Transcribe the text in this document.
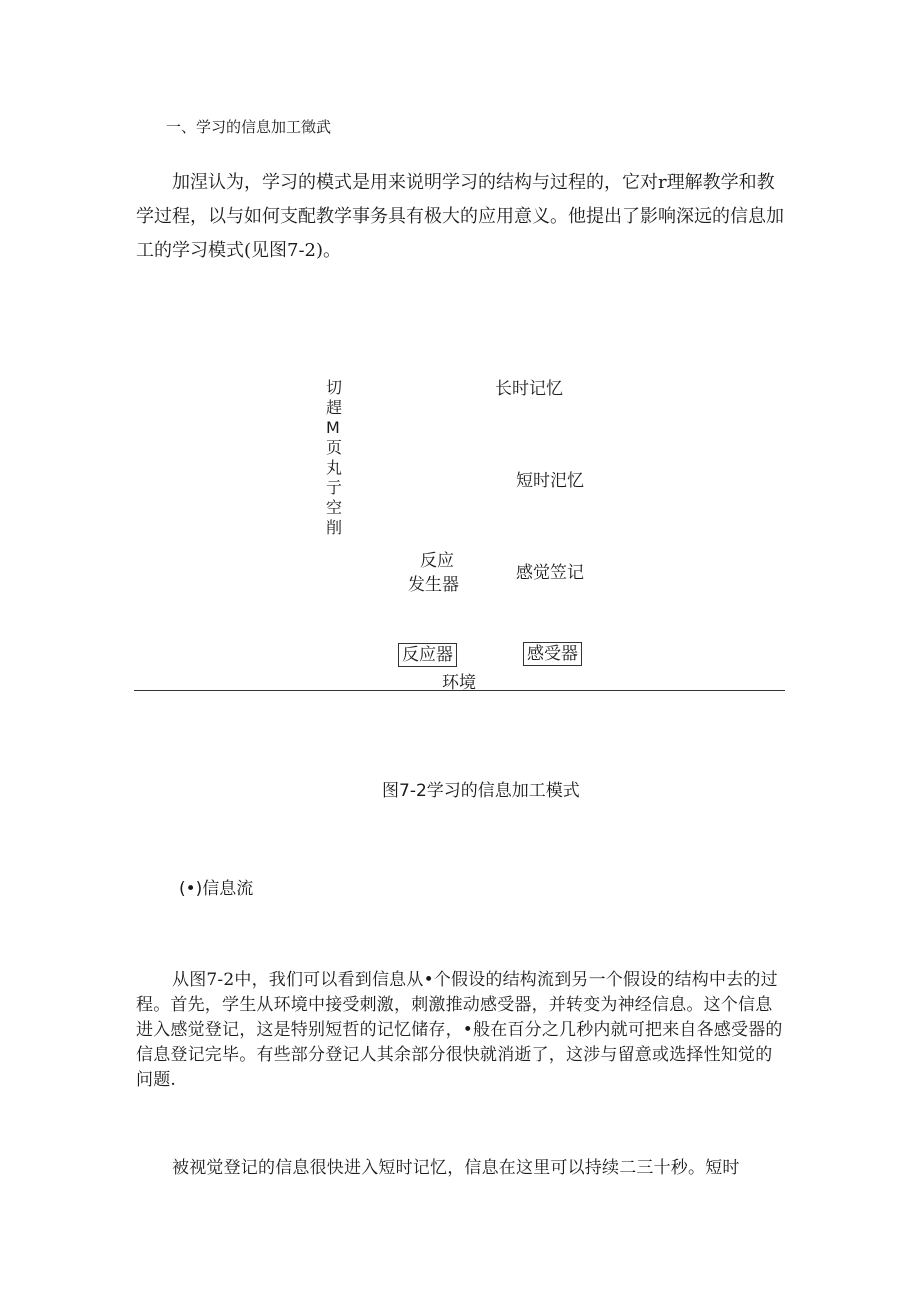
一、学习的信息加工徵武

加涅认为，学习的模式是用来说明学习的结构与过程的，它对r理解教学和教学过程，以与如何支配教学事务具有极大的应用意义。他提出了影响深远的信息加工的学习模式(见图7-2)。

切趕M页丸亍空削
长时记忆
短时汜忆
感觉笠记
反应
发生器
反应器	感受器
环境
图7-2学习的信息加工模式
(•)信息流

从图7-2中，我们可以看到信息从•个假设的结构流到另一个假设的结构中去的过程。首先，学生从环境中接受刺激，刺激推动感受器，并转变为神经信息。这个信息进入感觉登记，这是特别短哲的记忆储存，•般在百分之几秒内就可把来自各感受器的信息登记完毕。有些部分登记人其余部分很快就消逝了，这涉与留意或选择性知觉的问题.

被视觉登记的信息很快进入短时记忆，信息在这里可以持续二三十秒。短时
